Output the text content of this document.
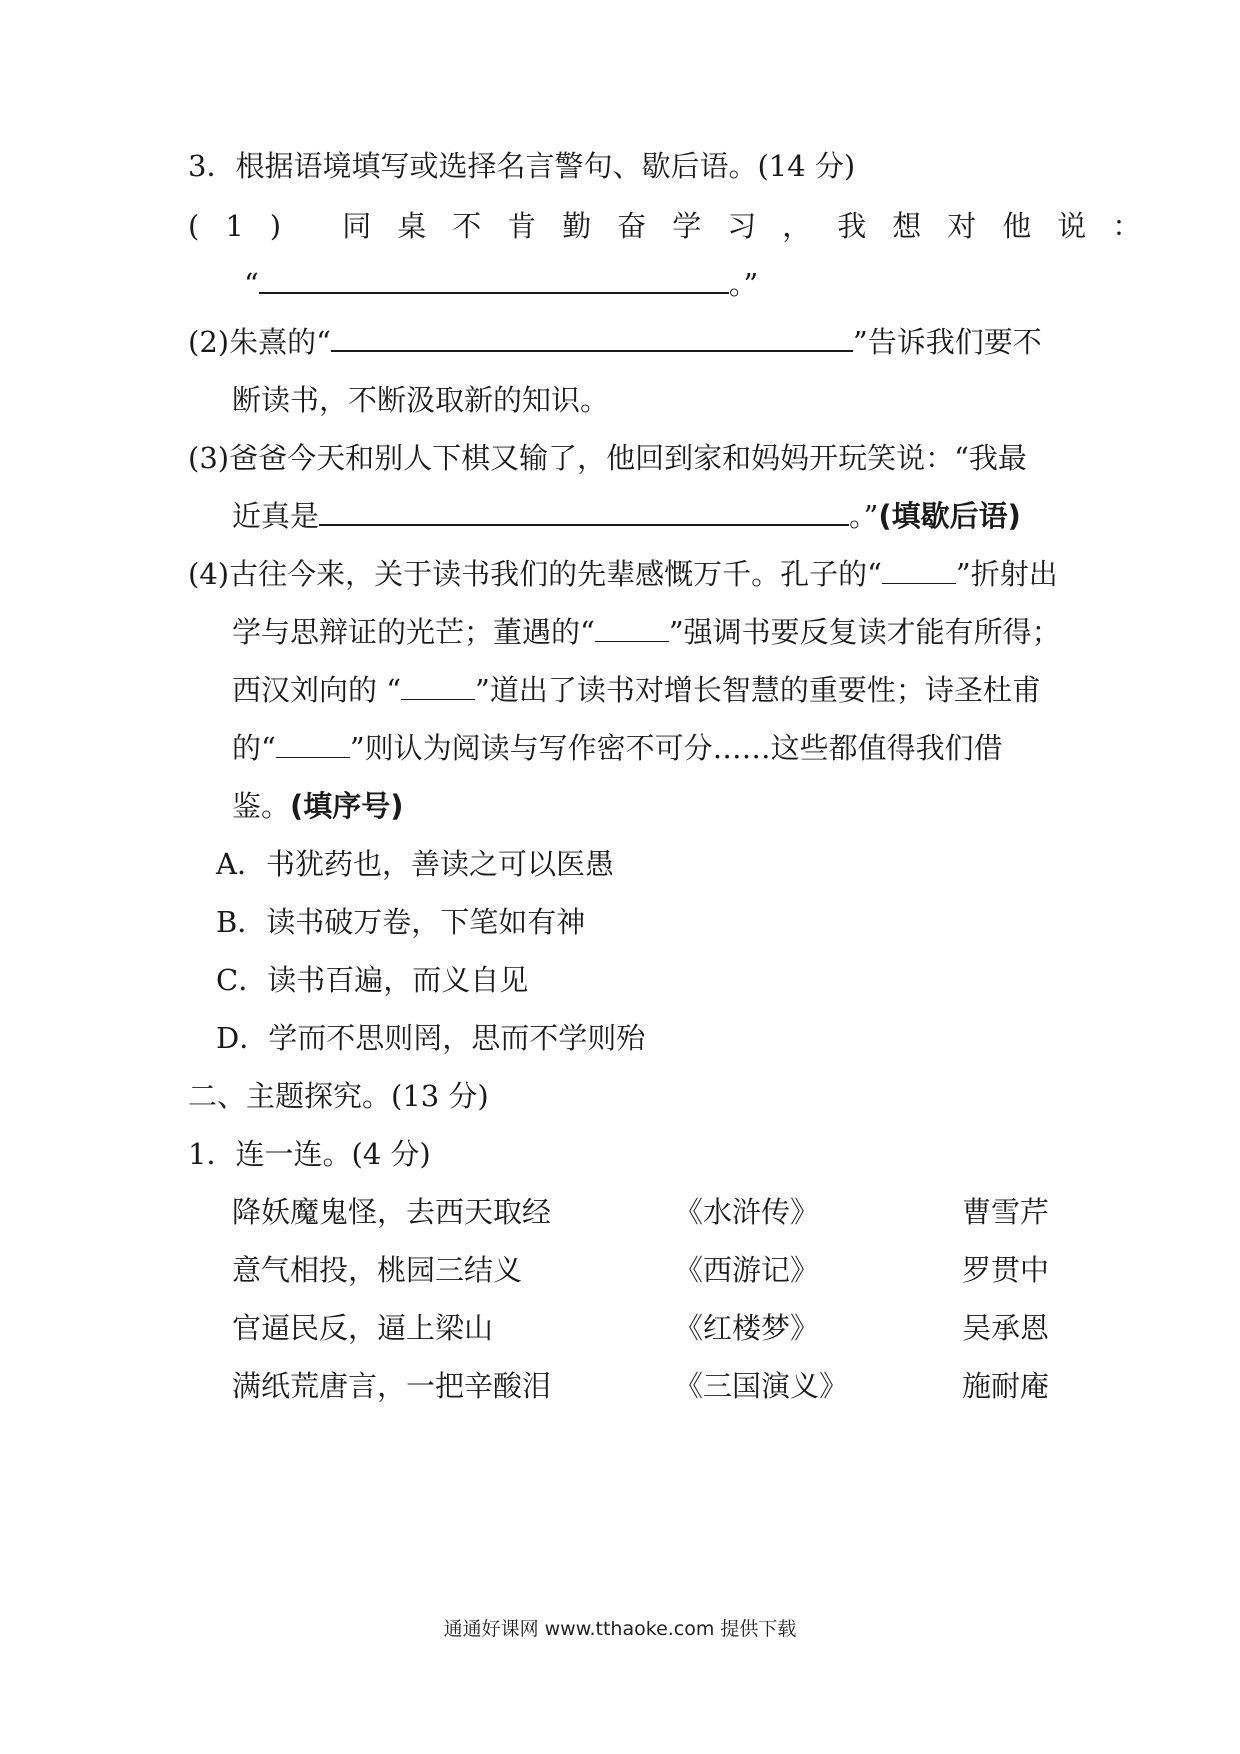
3．根据语境填写或选择名言警句、歇后语。(14 分)
(1) 同桌不肯勤奋学习，我想对他说：
“	。”
(2)朱熹的“	”告诉我们要不
断读书，不断汲取新的知识。
(3)爸爸今天和别人下棋又输了，他回到家和妈妈开玩笑说：“我最
近真是	。”(填歇后语)
(4)古往今来，关于读书我们的先辈感慨万千。孔子的“	”折射出
学与思辩证的光芒；董遇的“	”强调书要反复读才能有所得；
西汉刘向的 “	”道出了读书对增长智慧的重要性；诗圣杜甫
的“	”则认为阅读与写作密不可分……这些都值得我们借
鉴。(填序号)
A．书犹药也，善读之可以医愚
B．读书破万卷，下笔如有神
C．读书百遍，而义自见
D．学而不思则罔，思而不学则殆
二、主题探究。(13 分)
1．连一连。(4 分)
降妖魔鬼怪，去西天取经	《水浒传》	曹雪芹
意气相投，桃园三结义	《西游记》	罗贯中
官逼民反，逼上梁山	《红楼梦》	吴承恩
满纸荒唐言，一把辛酸泪	《三国演义》	施耐庵
通通好课网 www.tthaoke.com 提供下载
